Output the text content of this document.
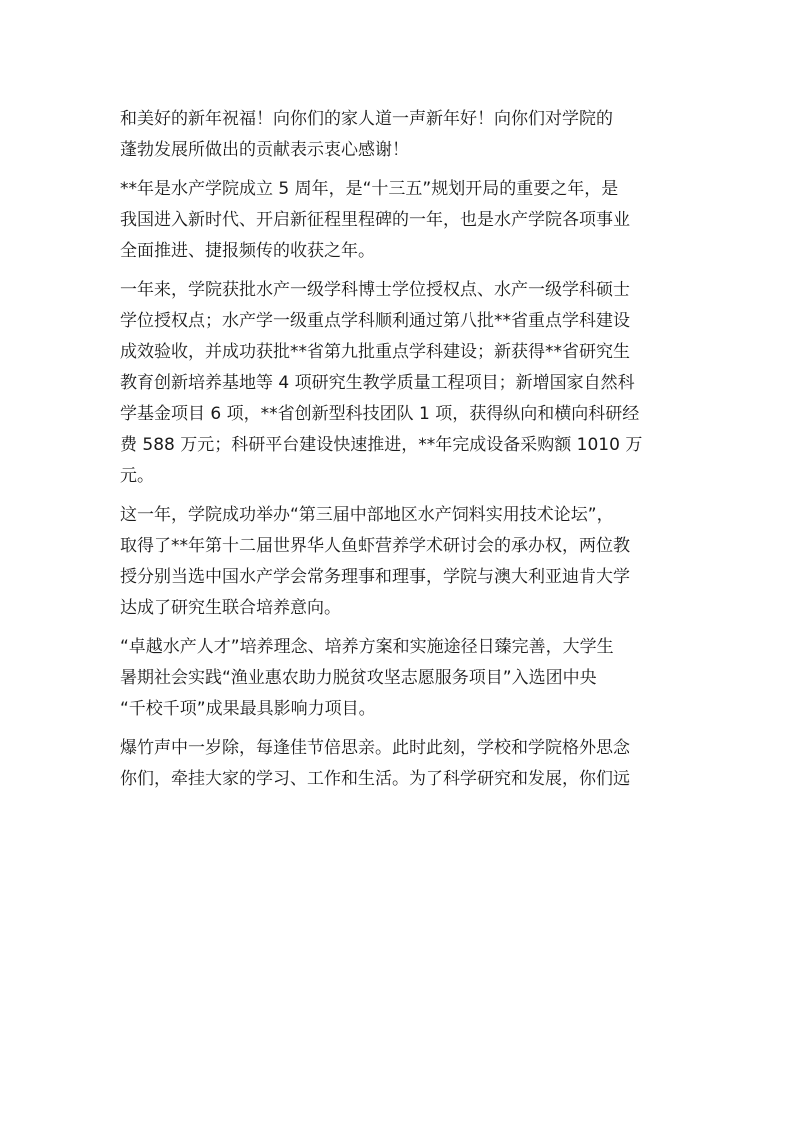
和美好的新年祝福！向你们的家人道一声新年好！向你们对学院的
蓬勃发展所做出的贡献表示衷心感谢！

**年是水产学院成立 5 周年，是“十三五”规划开局的重要之年，是
我国进入新时代、开启新征程里程碑的一年，也是水产学院各项事业
全面推进、捷报频传的收获之年。

一年来，学院获批水产一级学科博士学位授权点、水产一级学科硕士
学位授权点；水产学一级重点学科顺利通过第八批**省重点学科建设
成效验收，并成功获批**省第九批重点学科建设；新获得**省研究生
教育创新培养基地等 4 项研究生教学质量工程项目；新增国家自然科
学基金项目 6 项，**省创新型科技团队 1 项，获得纵向和横向科研经
费 588 万元；科研平台建设快速推进，**年完成设备采购额 1010 万
元。

这一年，学院成功举办“第三届中部地区水产饲料实用技术论坛”，
取得了**年第十二届世界华人鱼虾营养学术研讨会的承办权，两位教
授分别当选中国水产学会常务理事和理事，学院与澳大利亚迪肯大学
达成了研究生联合培养意向。

“卓越水产人才”培养理念、培养方案和实施途径日臻完善，大学生
暑期社会实践“渔业惠农助力脱贫攻坚志愿服务项目”入选团中央
“千校千项”成果最具影响力项目。

爆竹声中一岁除，每逢佳节倍思亲。此时此刻，学校和学院格外思念
你们，牵挂大家的学习、工作和生活。为了科学研究和发展，你们远
